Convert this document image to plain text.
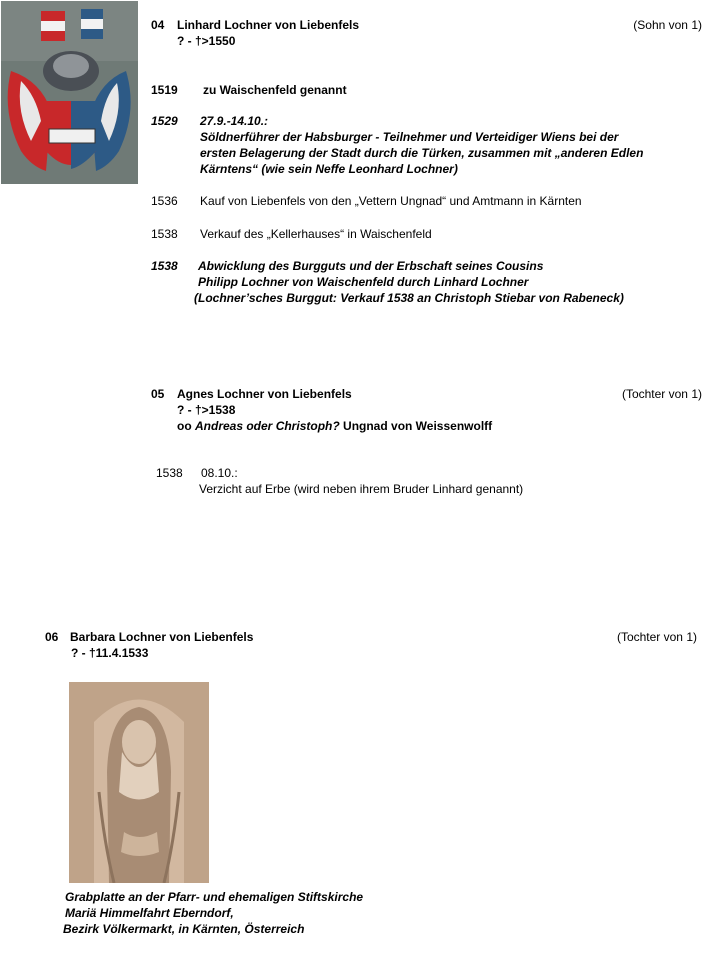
04 Linhard Lochner von Liebenfels	(Sohn von 1)
? - †>1550
1519 zu Waischenfeld genannt
1529 27.9.-14.10.:
Söldnerführer der Habsburger - Teilnehmer und Verteidiger Wiens bei der
ersten Belagerung der Stadt durch die Türken, zusammen mit „anderen Edlen
Kärntens“ (wie sein Neffe Leonhard Lochner)
1536 Kauf von Liebenfels von den „Vettern Ungnad“ und Amtmann in Kärnten
1538 Verkauf des „Kellerhauses“ in Waischenfeld
1538 Abwicklung des Burgguts und der Erbschaft seines Cousins
Philipp Lochner von Waischenfeld durch Linhard Lochner
(Lochner’sches Burggut: Verkauf 1538 an Christoph Stiebar von Rabeneck)
05 Agnes Lochner von Liebenfels	(Tochter von 1)
? - †>1538
oo Andreas oder Christoph? Ungnad von Weissenwolff
1538 08.10.:
Verzicht auf Erbe (wird neben ihrem Bruder Linhard genannt)
06 Barbara Lochner von Liebenfels	(Tochter von 1)
? - †11.4.1533
Grabplatte an der Pfarr- und ehemaligen Stiftskirche
Mariä Himmelfahrt Eberndorf,
Bezirk Völkermarkt, in Kärnten, Österreich
